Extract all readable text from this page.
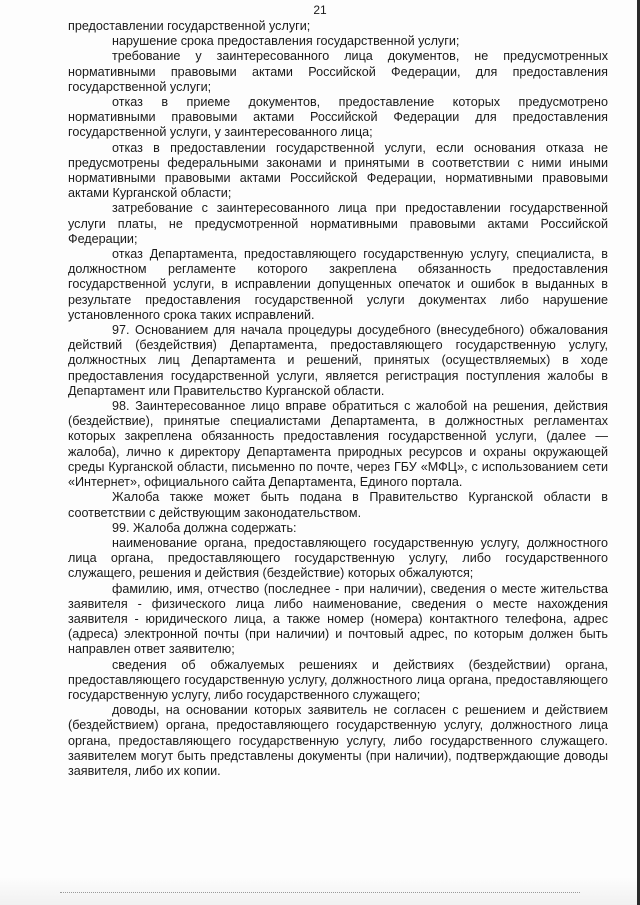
21

предоставлении государственной услуги;

нарушение срока предоставления государственной услуги;

требование у заинтересованного лица документов, не предусмотренных нормативными правовыми актами Российской Федерации, для предоставления государственной услуги;

отказ в приеме документов, предоставление которых предусмотрено нормативными правовыми актами Российской Федерации для предоставления государственной услуги, у заинтересованного лица;

отказ в предоставлении государственной услуги, если основания отказа не предусмотрены федеральными законами и принятыми в соответствии с ними иными нормативными правовыми актами Российской Федерации, нормативными правовыми актами Курганской области;

затребование с заинтересованного лица при предоставлении государственной услуги платы, не предусмотренной нормативными правовыми актами Российской Федерации;

отказ Департамента, предоставляющего государственную услугу, специалиста, в должностном регламенте которого закреплена обязанность предоставления государственной услуги, в исправлении допущенных опечаток и ошибок в выданных в результате предоставления государственной услуги документах либо нарушение установленного срока таких исправлений.

97. Основанием для начала процедуры досудебного (внесудебного) обжалования действий (бездействия) Департамента, предоставляющего государственную услугу, должностных лиц Департамента и решений, принятых (осуществляемых) в ходе предоставления государственной услуги, является регистрация поступления жалобы в Департамент или Правительство Курганской области.

98. Заинтересованное лицо вправе обратиться с жалобой на решения, действия (бездействие), принятые специалистами Департамента, в должностных регламентах которых закреплена обязанность предоставления государственной услуги, (далее — жалоба), лично к директору Департамента природных ресурсов и охраны окружающей среды Курганской области, письменно по почте, через ГБУ «МФЦ», с использованием сети «Интернет», официального сайта Департамента, Единого портала.

Жалоба также может быть подана в Правительство Курганской области в соответствии с действующим законодательством.

99. Жалоба должна содержать:

наименование органа, предоставляющего государственную услугу, должностного лица органа, предоставляющего государственную услугу, либо государственного служащего, решения и действия (бездействие) которых обжалуются;

фамилию, имя, отчество (последнее - при наличии), сведения о месте жительства заявителя - физического лица либо наименование, сведения о месте нахождения заявителя - юридического лица, а также номер (номера) контактного телефона, адрес (адреса) электронной почты (при наличии) и почтовый адрес, по которым должен быть направлен ответ заявителю;

сведения об обжалуемых решениях и действиях (бездействии) органа, предоставляющего государственную услугу, должностного лица органа, предоставляющего государственную услугу, либо государственного служащего;

доводы, на основании которых заявитель не согласен с решением и действием (бездействием) органа, предоставляющего государственную услугу, должностного лица органа, предоставляющего государственную услугу, либо государственного служащего. заявителем могут быть представлены документы (при наличии), подтверждающие доводы заявителя, либо их копии.
